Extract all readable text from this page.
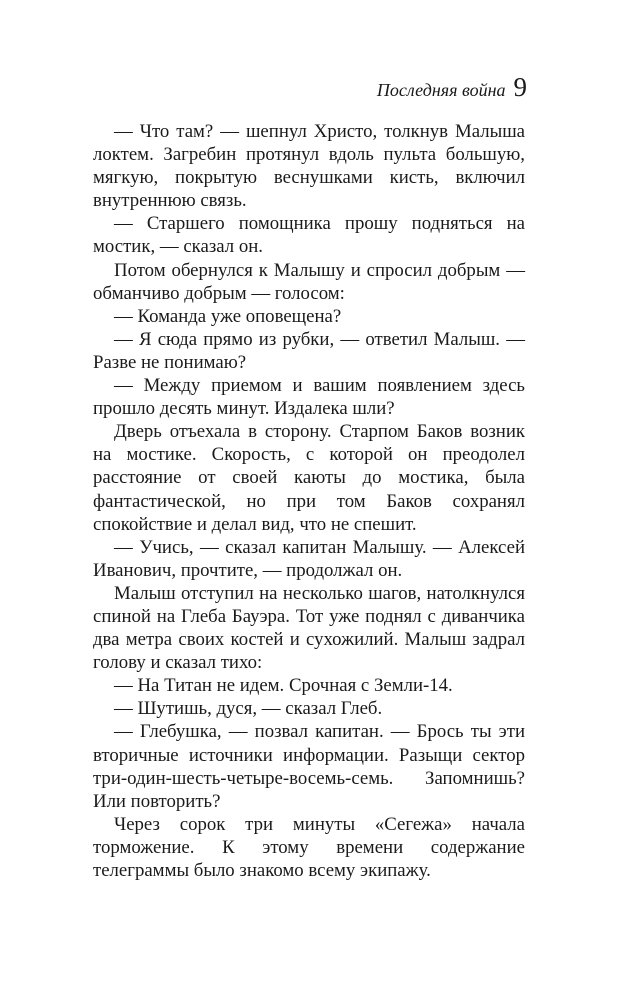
Последняя война 9

— Что там? — шепнул Христо, толкнув Малыша локтем. Загребин протянул вдоль пульта большую, мягкую, покрытую веснушками кисть, включил внутреннюю связь.

— Старшего помощника прошу подняться на мостик, — сказал он.

Потом обернулся к Малышу и спросил добрым — обманчиво добрым — голосом:

— Команда уже оповещена?

— Я сюда прямо из рубки, — ответил Малыш. — Разве не понимаю?

— Между приемом и вашим появлением здесь прошло десять минут. Издалека шли?

Дверь отъехала в сторону. Старпом Баков возник на мостике. Скорость, с которой он преодолел расстояние от своей каюты до мостика, была фантастической, но при том Баков сохранял спокойствие и делал вид, что не спешит.

— Учись, — сказал капитан Малышу. — Алексей Иванович, прочтите, — продолжал он.

Малыш отступил на несколько шагов, натолкнулся спиной на Глеба Бауэра. Тот уже поднял с диванчика два метра своих костей и сухожилий. Малыш задрал голову и сказал тихо:

— На Титан не идем. Срочная с Земли-14.

— Шутишь, дуся, — сказал Глеб.

— Глебушка, — позвал капитан. — Брось ты эти вторичные источники информации. Разыщи сектор три-один-шесть-четыре-восемь-семь. Запомнишь? Или повторить?

Через сорок три минуты «Сегежа» начала торможение. К этому времени содержание телеграммы было знакомо всему экипажу.
